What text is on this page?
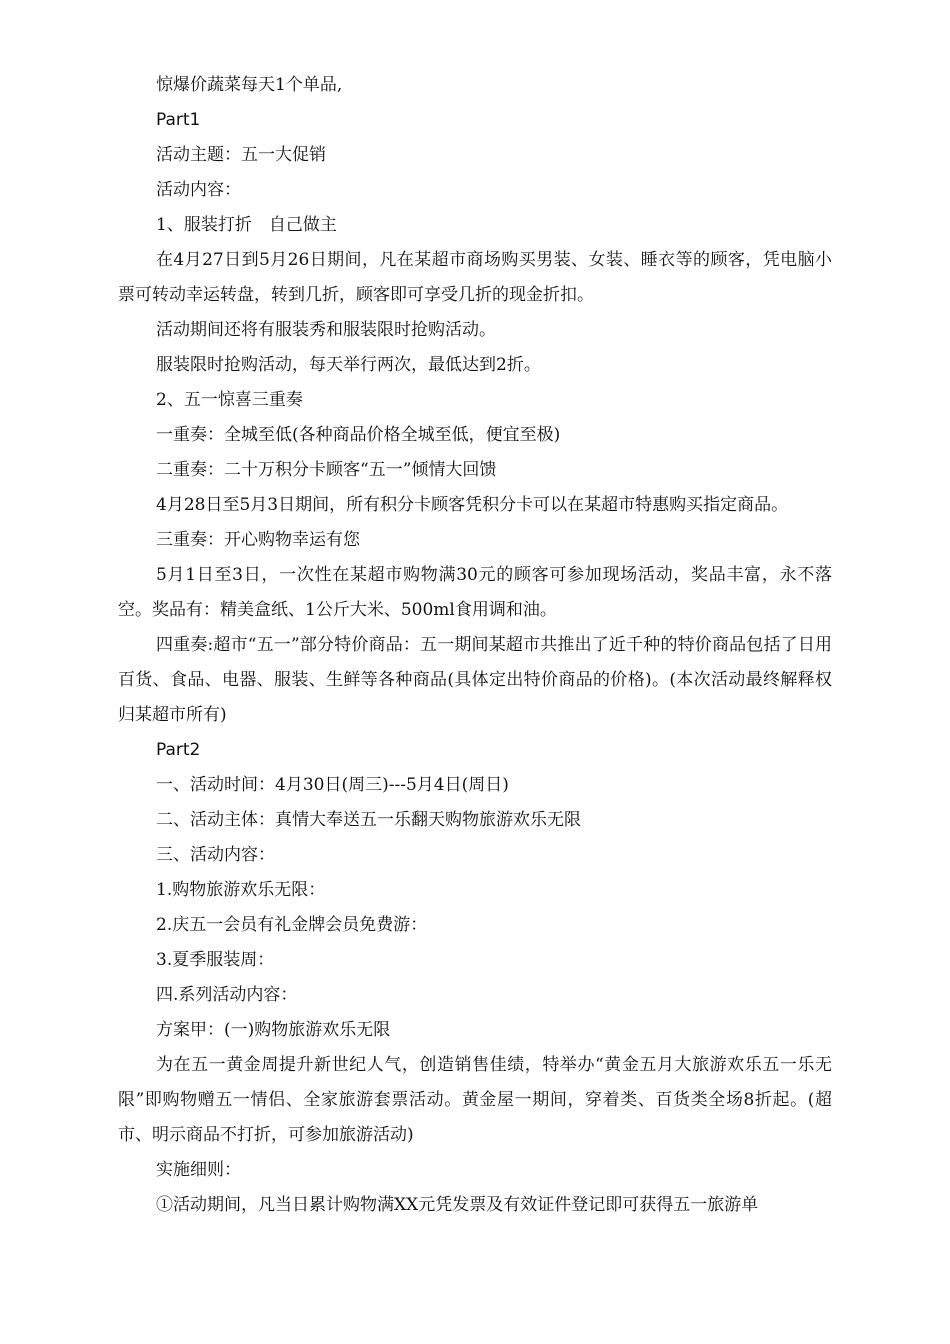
惊爆价蔬菜每天1个单品,

Part1

活动主题：五一大促销

活动内容：

1、服装打折　自己做主

在4月27日到5月26日期间，凡在某超市商场购买男装、女装、睡衣等的顾客，凭电脑小票可转动幸运转盘，转到几折，顾客即可享受几折的现金折扣。

活动期间还将有服装秀和服装限时抢购活动。

服装限时抢购活动，每天举行两次，最低达到2折。

2、五一惊喜三重奏

一重奏：全城至低(各种商品价格全城至低，便宜至极)

二重奏：二十万积分卡顾客“五一”倾情大回馈

4月28日至5月3日期间，所有积分卡顾客凭积分卡可以在某超市特惠购买指定商品。

三重奏：开心购物幸运有您

5月1日至3日，一次性在某超市购物满30元的顾客可参加现场活动，奖品丰富，永不落空。奖品有：精美盒纸、1公斤大米、500ml食用调和油。

四重奏:超市“五一”部分特价商品：五一期间某超市共推出了近千种的特价商品包括了日用百货、食品、电器、服装、生鲜等各种商品(具体定出特价商品的价格)。(本次活动最终解释权归某超市所有)

Part2

一、活动时间：4月30日(周三)---5月4日(周日)

二、活动主体：真情大奉送五一乐翻天购物旅游欢乐无限

三、活动内容：

1.购物旅游欢乐无限：

2.庆五一会员有礼金牌会员免费游：

3.夏季服装周：

四.系列活动内容：

方案甲：(一)购物旅游欢乐无限

为在五一黄金周提升新世纪人气，创造销售佳绩，特举办“黄金五月大旅游欢乐五一乐无限”即购物赠五一情侣、全家旅游套票活动。黄金屋一期间，穿着类、百货类全场8折起。(超市、明示商品不打折，可参加旅游活动)

实施细则：

①活动期间，凡当日累计购物满XX元凭发票及有效证件登记即可获得五一旅游单
